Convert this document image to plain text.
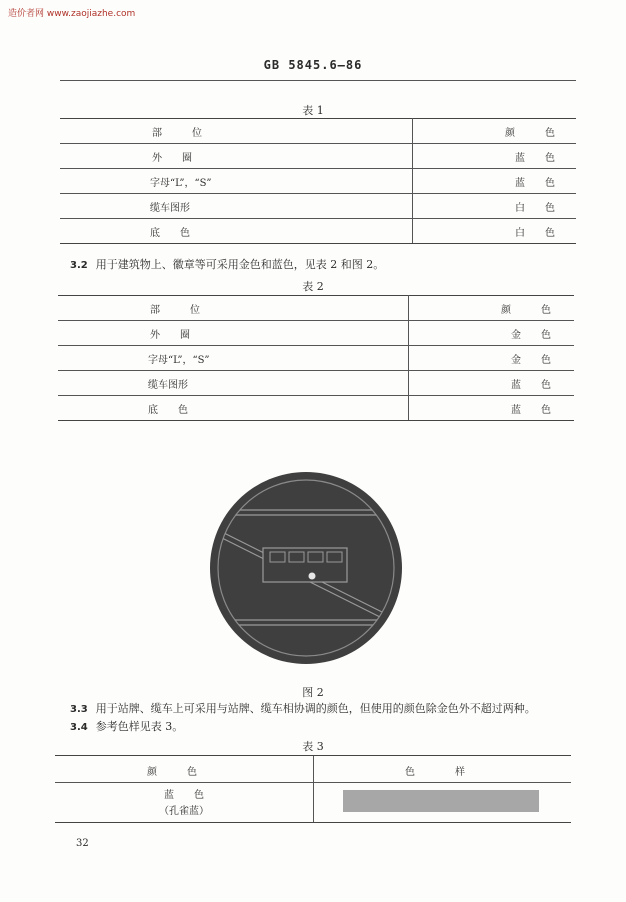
造价者网 www.zaojiazhe.com
GB 5845.6—86
表 1
部　　　位	颜　　　色
外　　圈	蓝　　色
字母“L”，“S”	蓝　　色
缆车图形	白　　色
底　　色	白　　色
3.2 用于建筑物上、徽章等可采用金色和蓝色，见表 2 和图 2。
表 2
部　　　位	颜　　　色
外　　圈	金　　色
字母“L”，“S”	金　　色
缆车图形	蓝　　色
底　　色	蓝　　色
图 2
3.3 用于站牌、缆车上可采用与站牌、缆车相协调的颜色，但使用的颜色除金色外不超过两种。
3.4 参考色样见表 3。
表 3
颜　　　色	色　　　　样
蓝　　色
（孔雀蓝）
32
